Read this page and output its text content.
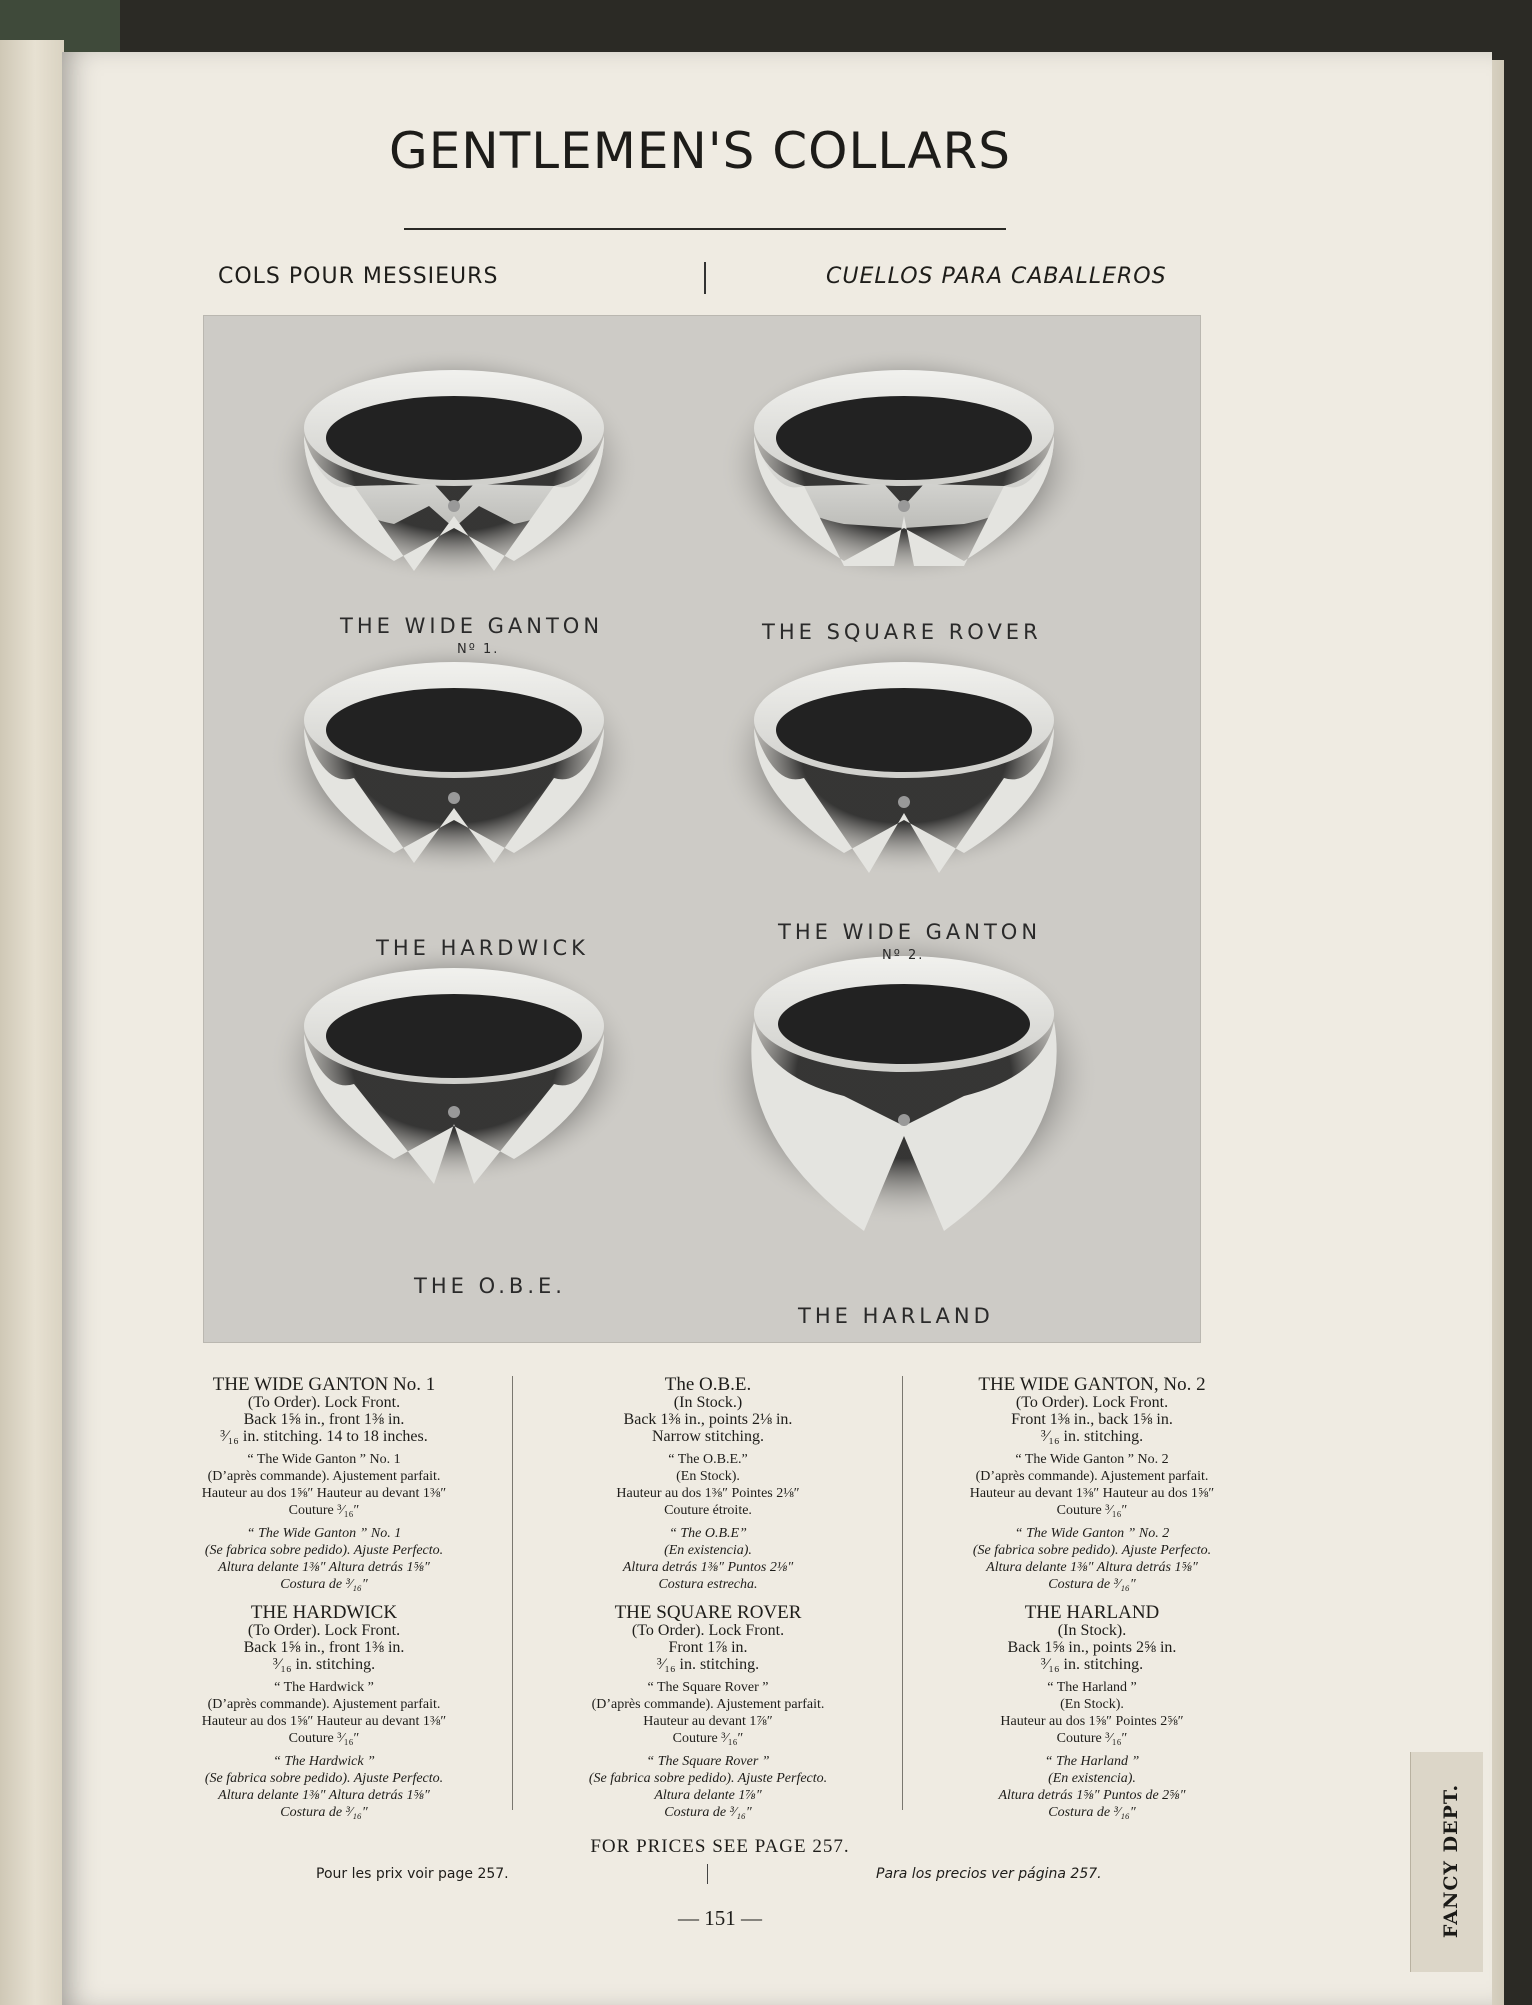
GENTLEMEN'S COLLARS
COLS POUR MESSIEURS	CUELLOS PARA CABALLEROS
THE WIDE GANTON
Nº 1.
THE SQUARE ROVER
THE HARDWICK
THE WIDE GANTON
Nº 2.
THE O.B.E.
THE HARLAND
THE WIDE GANTON No. 1
(To Order). Lock Front.
Back 1⅝ in., front 1⅜ in.
³⁄₁₆ in. stitching. 14 to 18 inches.
“ The Wide Ganton ” No. 1
(D’après commande). Ajustement parfait.
Hauteur au dos 1⅝″ Hauteur au devant 1⅜″
Couture ³⁄₁₆″
“ The Wide Ganton ” No. 1
(Se fabrica sobre pedido). Ajuste Perfecto.
Altura delante 1⅜″ Altura detrás 1⅝″
Costura de ³⁄₁₆″
The O.B.E.
(In Stock.)
Back 1⅜ in., points 2⅛ in.
Narrow stitching.
“ The O.B.E.”
(En Stock).
Hauteur au dos 1⅜″ Pointes 2⅛″
Couture étroite.
“ The O.B.E”
(En existencia).
Altura detrás 1⅜″ Puntos 2⅛″
Costura estrecha.
THE WIDE GANTON, No. 2
(To Order). Lock Front.
Front 1⅜ in., back 1⅝ in.
³⁄₁₆ in. stitching.
“ The Wide Ganton ” No. 2
(D’après commande). Ajustement parfait.
Hauteur au devant 1⅜″ Hauteur au dos 1⅝″
Couture ³⁄₁₆″
“ The Wide Ganton ” No. 2
(Se fabrica sobre pedido). Ajuste Perfecto.
Altura delante 1⅜″ Altura detrás 1⅝″
Costura de ³⁄₁₆″
THE HARDWICK
(To Order). Lock Front.
Back 1⅝ in., front 1⅜ in.
³⁄₁₆ in. stitching.
“ The Hardwick ”
(D’après commande). Ajustement parfait.
Hauteur au dos 1⅝″ Hauteur au devant 1⅜″
Couture ³⁄₁₆″
“ The Hardwick ”
(Se fabrica sobre pedido). Ajuste Perfecto.
Altura delante 1⅜″ Altura detrás 1⅝″
Costura de ³⁄₁₆″
THE SQUARE ROVER
(To Order). Lock Front.
Front 1⅞ in.
³⁄₁₆ in. stitching.
“ The Square Rover ”
(D’après commande). Ajustement parfait.
Hauteur au devant 1⅞″
Couture ³⁄₁₆″
“ The Square Rover ”
(Se fabrica sobre pedido). Ajuste Perfecto.
Altura delante 1⅞″
Costura de ³⁄₁₆″
THE HARLAND
(In Stock).
Back 1⅝ in., points 2⅝ in.
³⁄₁₆ in. stitching.
“ The Harland ”
(En Stock).
Hauteur au dos 1⅝″ Pointes 2⅝″
Couture ³⁄₁₆″
“ The Harland ”
(En existencia).
Altura detrás 1⅝″ Puntos de 2⅝″
Costura de ³⁄₁₆″
FOR PRICES SEE PAGE 257.
Pour les prix voir page 257.	Para los precios ver página 257.
— 151 —	FANCY DEPT.
